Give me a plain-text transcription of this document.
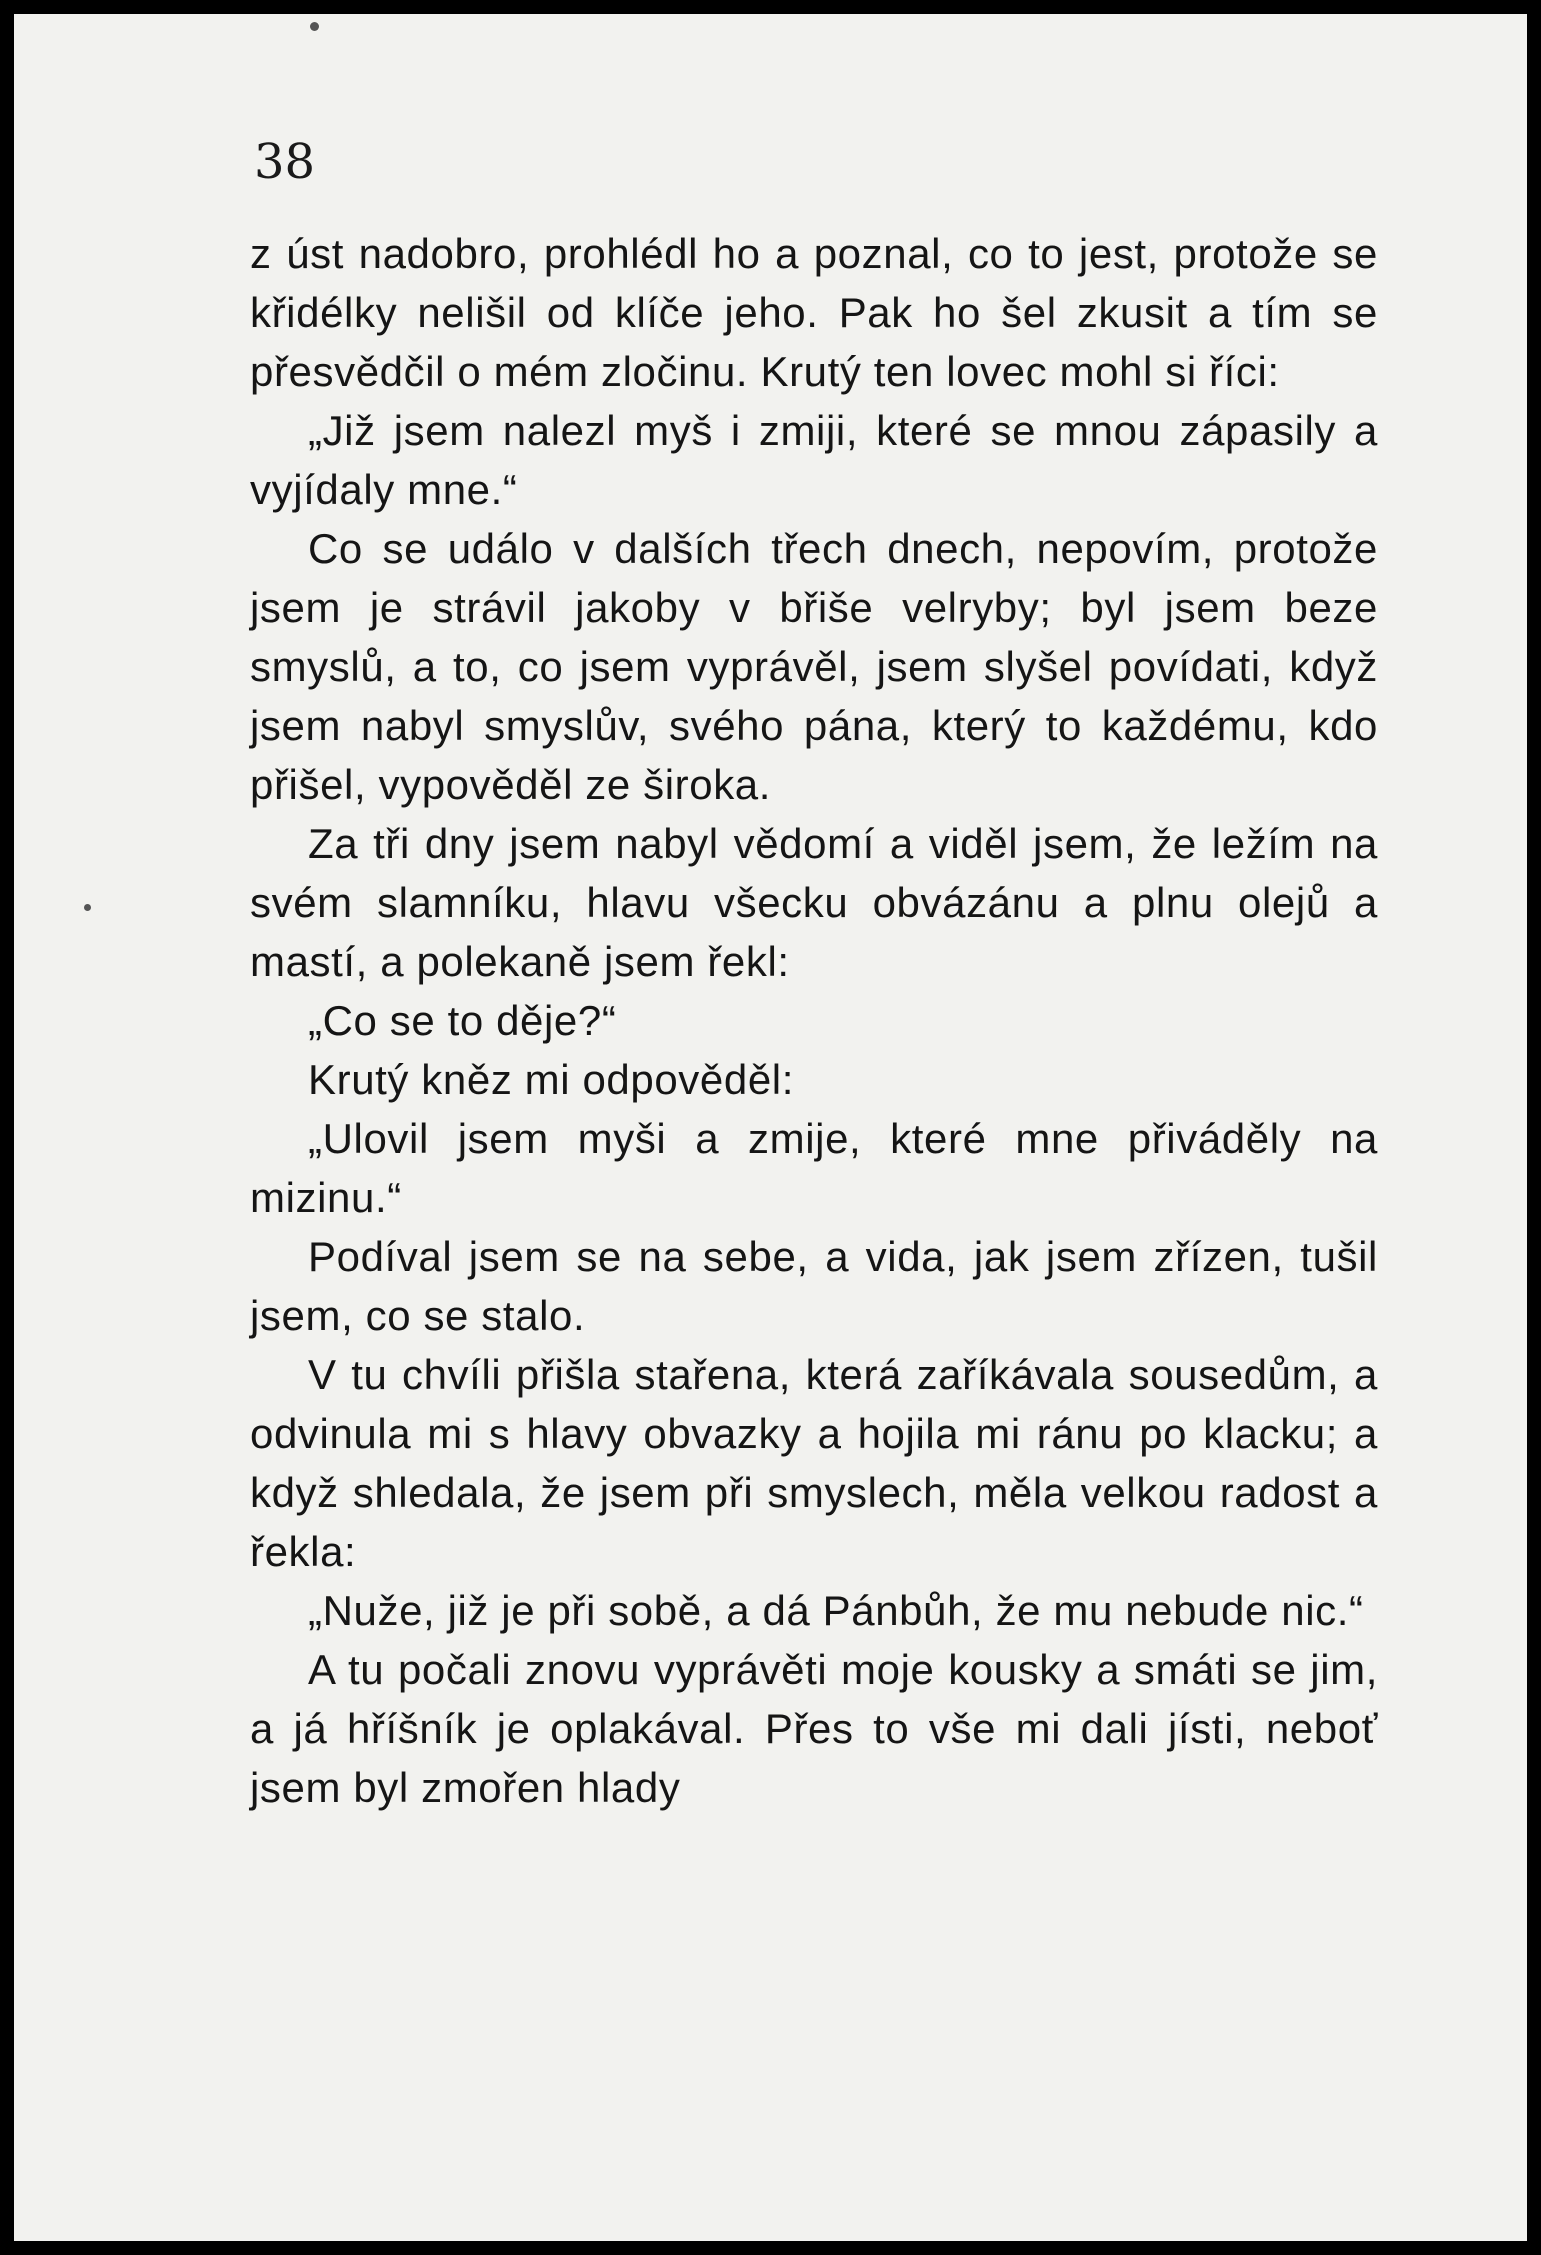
38

z úst nadobro, prohlédl ho a poznal, co to jest, protože se křidélky nelišil od klíče jeho. Pak ho šel zkusit a tím se přesvědčil o mém zločinu. Krutý ten lovec mohl si říci:

„Již jsem nalezl myš i zmiji, které se mnou zápasily a vyjídaly mne.“

Co se událo v dalších třech dnech, nepovím, protože jsem je strávil jakoby v břiše velryby; byl jsem beze smyslů, a to, co jsem vyprávěl, jsem slyšel povídati, když jsem nabyl smyslův, svého pána, který to každému, kdo přišel, vypověděl ze široka.

Za tři dny jsem nabyl vědomí a viděl jsem, že ležím na svém slamníku, hlavu všecku obvázánu a plnu olejů a mastí, a polekaně jsem řekl:

„Co se to děje?“

Krutý kněz mi odpověděl:

„Ulovil jsem myši a zmije, které mne přiváděly na mizinu.“

Podíval jsem se na sebe, a vida, jak jsem zřízen, tušil jsem, co se stalo.

V tu chvíli přišla stařena, která zaříkávala sousedům, a odvinula mi s hlavy obvazky a hojila mi ránu po klacku; a když shledala, že jsem při smyslech, měla velkou radost a řekla:

„Nuže, již je při sobě, a dá Pánbůh, že mu nebude nic.“

A tu počali znovu vyprávěti moje kousky a smáti se jim, a já hříšník je oplakával. Přes to vše mi dali jísti, neboť jsem byl zmořen hlady
